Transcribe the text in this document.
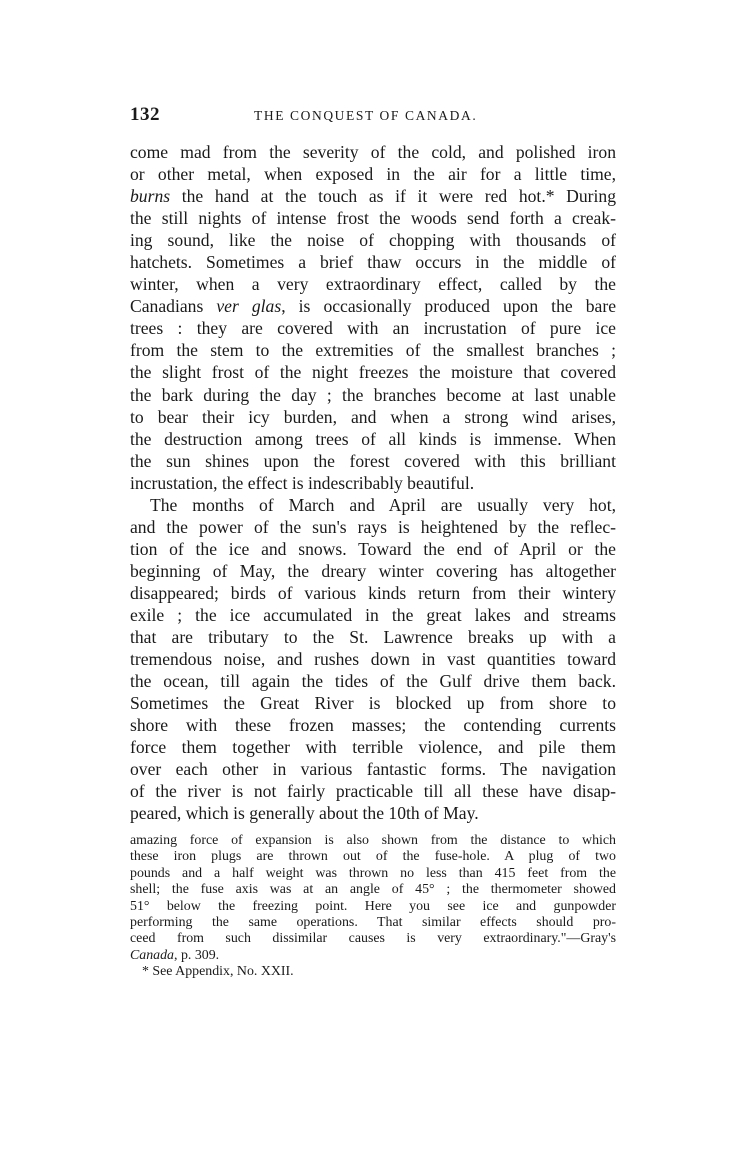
132	THE CONQUEST OF CANADA.
come mad from the severity of the cold, and polished iron
or other metal, when exposed in the air for a little time,
burns the hand at the touch as if it were red hot.* During
the still nights of intense frost the woods send forth a creak-
ing sound, like the noise of chopping with thousands of
hatchets. Sometimes a brief thaw occurs in the middle of
winter, when a very extraordinary effect, called by the
Canadians ver glas, is occasionally produced upon the bare
trees : they are covered with an incrustation of pure ice
from the stem to the extremities of the smallest branches ;
the slight frost of the night freezes the moisture that covered
the bark during the day ; the branches become at last unable
to bear their icy burden, and when a strong wind arises,
the destruction among trees of all kinds is immense. When
the sun shines upon the forest covered with this brilliant
incrustation, the effect is indescribably beautiful.
The months of March and April are usually very hot,
and the power of the sun's rays is heightened by the reflec-
tion of the ice and snows. Toward the end of April or the
beginning of May, the dreary winter covering has altogether
disappeared; birds of various kinds return from their wintery
exile ; the ice accumulated in the great lakes and streams
that are tributary to the St. Lawrence breaks up with a
tremendous noise, and rushes down in vast quantities toward
the ocean, till again the tides of the Gulf drive them back.
Sometimes the Great River is blocked up from shore to
shore with these frozen masses; the contending currents
force them together with terrible violence, and pile them
over each other in various fantastic forms. The navigation
of the river is not fairly practicable till all these have disap-
peared, which is generally about the 10th of May.
amazing force of expansion is also shown from the distance to which
these iron plugs are thrown out of the fuse-hole. A plug of two
pounds and a half weight was thrown no less than 415 feet from the
shell; the fuse axis was at an angle of 45° ; the thermometer showed
51° below the freezing point. Here you see ice and gunpowder
performing the same operations. That similar effects should pro-
ceed from such dissimilar causes is very extraordinary."—Gray's
Canada, p. 309.
* See Appendix, No. XXII.
